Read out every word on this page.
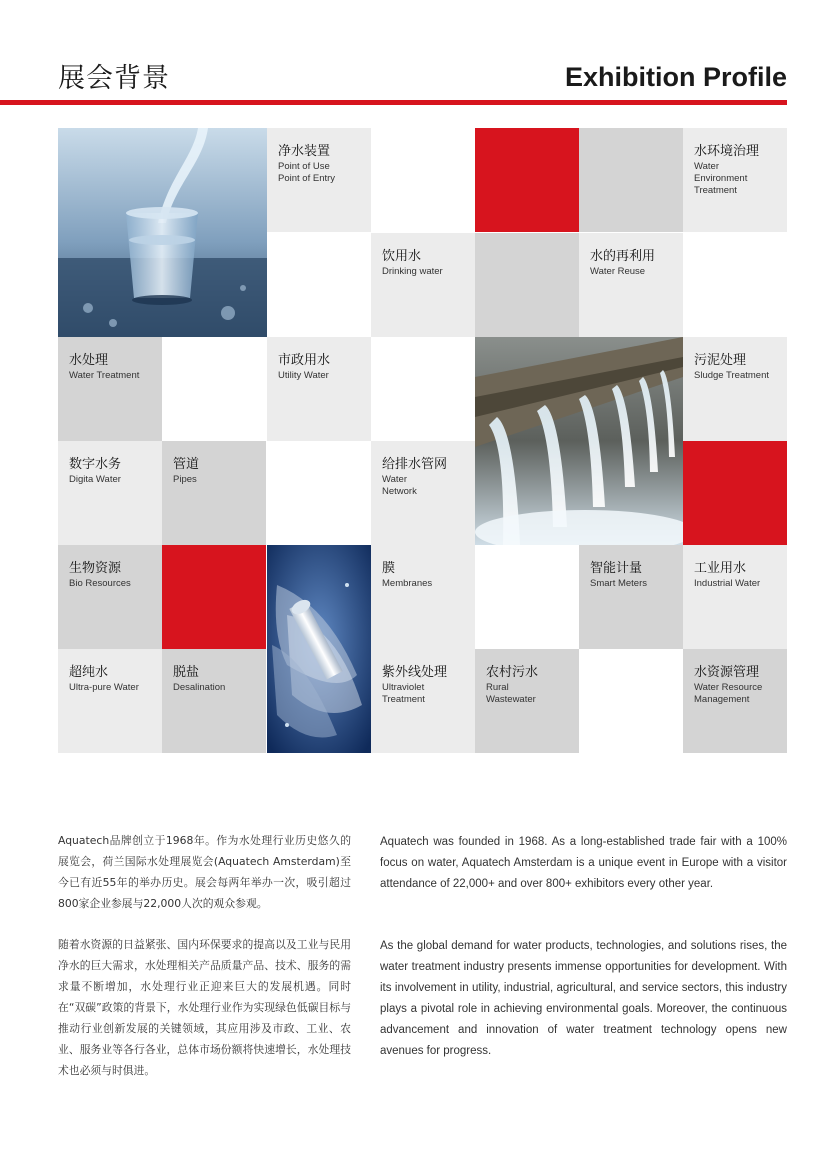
展会背景	Exhibition Profile
净水装置
Point of Use
Point of Entry
水环境治理
Water
Environment
Treatment
饮用水
Drinking water
水的再利用
Water Reuse
水处理
Water Treatment
市政用水
Utility Water
污泥处理
Sludge Treatment
数字水务
Digita Water
管道
Pipes
给排水管网
Water
Network
生物资源
Bio Resources
膜
Membranes
智能计量
Smart Meters
工业用水
Industrial Water
超纯水
Ultra-pure Water
脱盐
Desalination
紫外线处理
Ultraviolet
Treatment
农村污水
Rural
Wastewater
水资源管理
Water Resource
Management
Aquatech品牌创立于1968年。作为水处理行业历史悠久的展览会，荷兰国际水处理展览会(Aquatech Amsterdam)至今已有近55年的举办历史。展会每两年举办一次，吸引超过800家企业参展与22,000人次的观众参观。
随着水资源的日益紧张、国内环保要求的提高以及工业与民用净水的巨大需求，水处理相关产品质量产品、技术、服务的需求量不断增加，水处理行业正迎来巨大的发展机遇。同时在“双碳”政策的背景下，水处理行业作为实现绿色低碳目标与推动行业创新发展的关键领域，其应用涉及市政、工业、农业、服务业等各行各业，总体市场份额将快速增长，水处理技术也必须与时俱进。
Aquatech was founded in 1968. As a long-established trade fair with a 100% focus on water, Aquatech Amsterdam is a unique event in Europe with a visitor attendance of 22,000+ and over 800+ exhibitors every other year.
As the global demand for water products, technologies, and solutions rises, the water treatment industry presents immense opportunities for development. With its involvement in utility, industrial, agricultural, and service sectors, this industry plays a pivotal role in achieving environmental goals. Moreover, the continuous advancement and innovation of water treatment technology opens new avenues for progress.
